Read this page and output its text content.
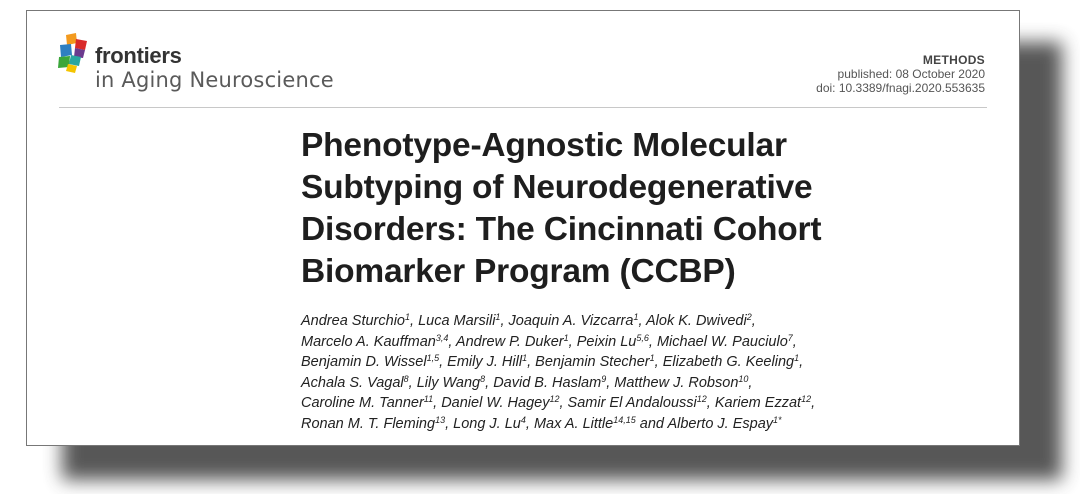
frontiers
in Aging Neuroscience
METHODS
published: 08 October 2020
doi: 10.3389/fnagi.2020.553635
Phenotype-Agnostic Molecular
Subtyping of Neurodegenerative
Disorders: The Cincinnati Cohort
Biomarker Program (CCBP)
Andrea Sturchio$^1$, Luca Marsili$^1$, Joaquin A. Vizcarra$^1$, Alok K. Dwivedi$^2$,
Marcelo A. Kauffman$^{3,4}$, Andrew P. Duker$^1$, Peixin Lu$^{5,6}$, Michael W. Pauciulo$^7$,
Benjamin D. Wissel$^{1,5}$, Emily J. Hill$^1$, Benjamin Stecher$^1$, Elizabeth G. Keeling$^1$,
Achala S. Vagal$^8$, Lily Wang$^8$, David B. Haslam$^9$, Matthew J. Robson$^{10}$,
Caroline M. Tanner$^{11}$, Daniel W. Hagey$^{12}$, Samir El Andaloussi$^{12}$, Kariem Ezzat$^{12}$,
Ronan M. T. Fleming$^{13}$, Long J. Lu$^4$, Max A. Little$^{14,15}$ and Alberto J. Espay$^{1*}$
